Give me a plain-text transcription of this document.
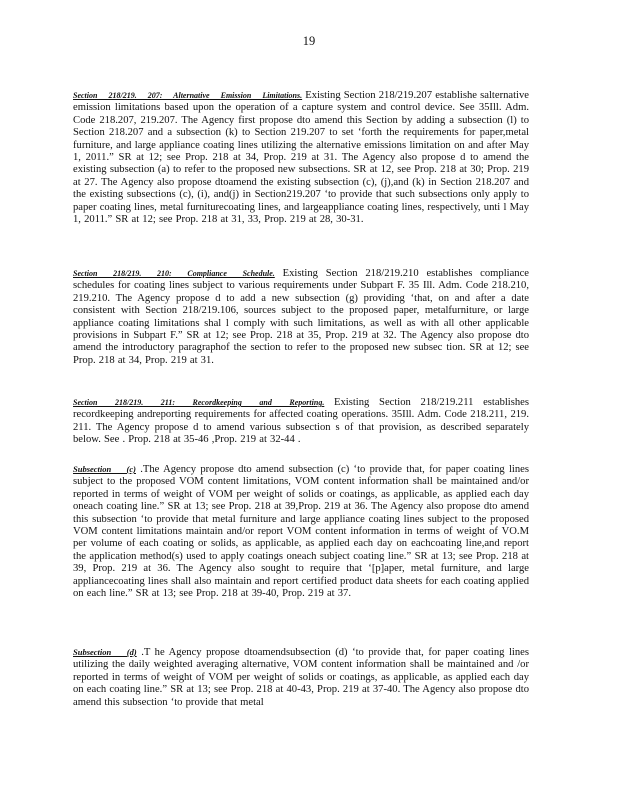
19
Section 218/219. 207: Alternative Emission Limitations. Existing Section 218/219.207 establishe salternative emission limitations based upon the operation of a capture system and control device. See 35Ill. Adm. Code 218.207, 219.207. The Agency first propose dto amend this Section by adding a subsection (l) to Section 218.207 and a subsection (k) to Section 219.207 to set ‘forth the requirements for paper,metal furniture, and large appliance coating lines utilizing the alternative emissions limitation on and after May 1, 2011.” SR at 12; see Prop. 218 at 34, Prop. 219 at 31. The Agency also propose d to amend the existing subsection (a) to refer to the proposed new subsections. SR at 12, see Prop. 218 at 30; Prop. 219 at 27. The Agency also propose dtoamend the existing subsection (c), (j),and (k) in Section 218.207 and the existing subsections (c), (i), and(j) in Section219.207 ‘to provide that such subsections only apply to paper coating lines, metal furniturecoating lines, and largeappliance coating lines, respectively, unti l May 1, 2011.” SR at 12; see Prop. 218 at 31, 33, Prop. 219 at 28, 30-31.
Section 218/219. 210: Compliance Schedule. Existing Section 218/219.210 establishes compliance schedules for coating lines subject to various requirements under Subpart F. 35 Ill. Adm. Code 218.210, 219.210. The Agency propose d to add a new subsection (g) providing ‘that, on and after a date consistent with Section 218/219.106, sources subject to the proposed paper, metalfurniture, or large appliance coating limitations shal l comply with such limitations, as well as with all other applicable provisions in Subpart F.” SR at 12; see Prop. 218 at 35, Prop. 219 at 32. The Agency also propose dto amend the introductory paragraphof the section to refer to the proposed new subsec tion. SR at 12; see Prop. 218 at 34, Prop. 219 at 31.
Section 218/219. 211: Recordkeeping and Reporting. Existing Section 218/219.211 establishes recordkeeping andreporting requirements for affected coating operations. 35Ill. Adm. Code 218.211, 219. 211. The Agency propose d to amend various subsection s of that provision, as described separately below. See . Prop. 218 at 35-46 ,Prop. 219 at 32-44 .
Subsection (c) .The Agency propose dto amend subsection (c) ‘to provide that, for paper coating lines subject to the proposed VOM content limitations, VOM content information shall be maintained and/or reported in terms of weight of VOM per weight of solids or coatings, as applicable, as applied each day oneach coating line.” SR at 13; see Prop. 218 at 39,Prop. 219 at 36. The Agency also propose dto amend this subsection ‘to provide that metal furniture and large appliance coating lines subject to the proposed VOM content limitations maintain and/or report VOM content information in terms of weight of VO.M per volume of each coating or solids, as applicable, as applied each day on eachcoating line,and report the application method(s) used to apply coatings oneach subject coating line.” SR at 13; see Prop. 218 at 39, Prop. 219 at 36. The Agency also sought to require that ‘[p]aper, metal furniture, and large appliancecoating lines shall also maintain and report certified product data sheets for each coating applied on each line.” SR at 13; see Prop. 218 at 39-40, Prop. 219 at 37.
Subsection (d) .T he Agency propose dtoamendsubsection (d) ‘to provide that, for paper coating lines utilizing the daily weighted averaging alternative, VOM content information shall be maintained and /or reported in terms of weight of VOM per weight of solids or coatings, as applicable, as applied each day on each coating line.” SR at 13; see Prop. 218 at 40-43, Prop. 219 at 37-40. The Agency also propose dto amend this subsection ‘to provide that metal
